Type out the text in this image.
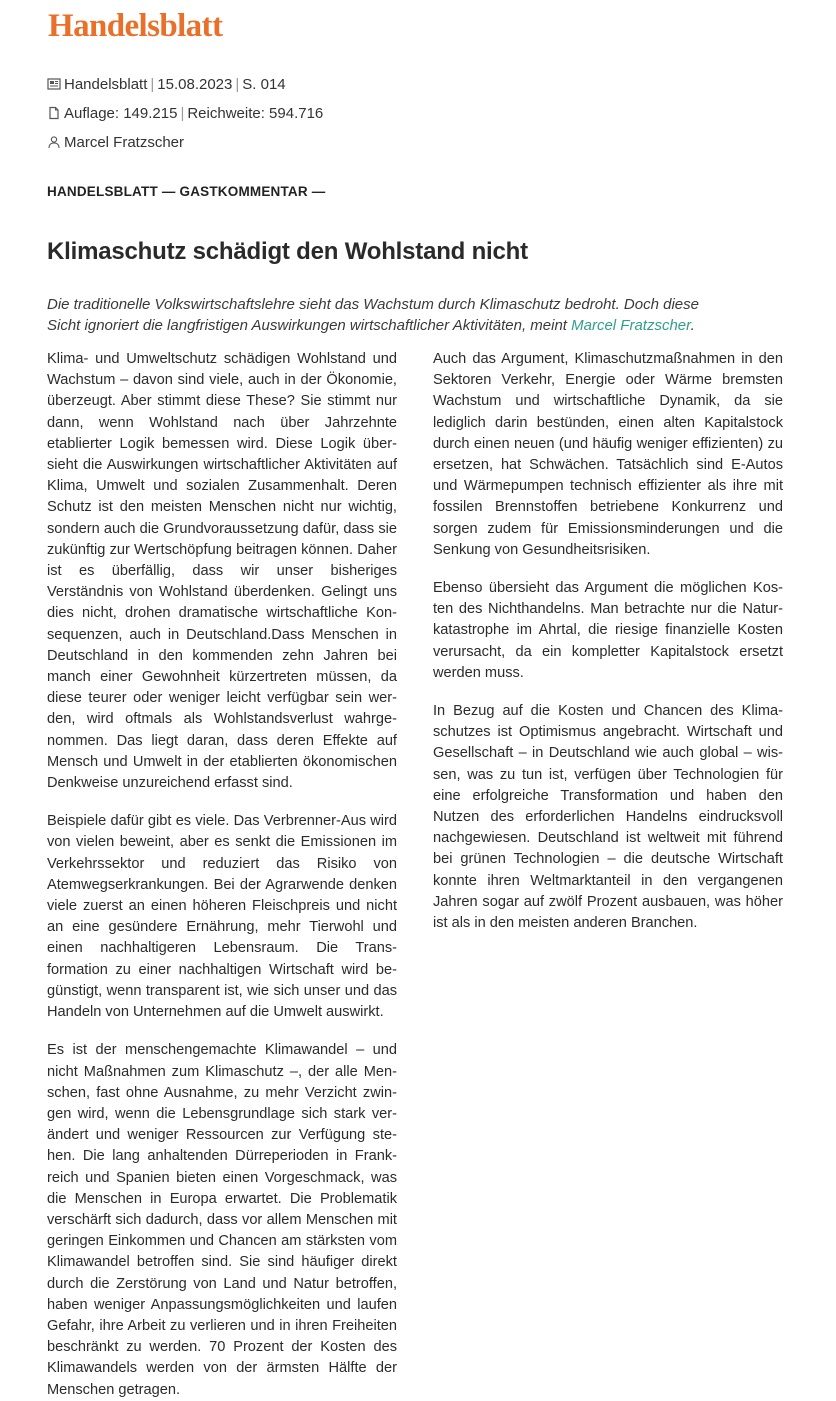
Handelsblatt
Handelsblatt | 15.08.2023 | S. 014
Auflage: 149.215 | Reichweite: 594.716
Marcel Fratzscher
HANDELSBLATT — GASTKOMMENTAR —
Klimaschutz schädigt den Wohlstand nicht

Die traditionelle Volkswirtschaftslehre sieht das Wachstum durch Klimaschutz bedroht. Doch diese

Sicht ignoriert die langfristigen Auswirkungen wirtschaftlicher Aktivitäten, meint Marcel Fratzscher.

Klima- und Umweltschutz schädigen Wohlstand und Wachstum – davon sind viele, auch in der Ökonomie, überzeugt. Aber stimmt diese These? Sie stimmt nur dann, wenn Wohlstand nach über Jahrzehnte etablierter Logik bemessen wird. Diese Logik übersieht die Auswirkungen wirtschaftlicher Aktivitäten auf Klima, Umwelt und sozialen Zusammenhalt. Deren Schutz ist den meisten Menschen nicht nur wichtig, sondern auch die Grundvoraussetzung dafür, dass sie zukünftig zur Wertschöpfung beitragen können. Daher ist es überfällig, dass wir unser bisheriges Verständnis von Wohlstand überdenken. Gelingt uns dies nicht, drohen dramatische wirtschaftliche Konsequenzen, auch in Deutschland.Dass Menschen in Deutschland in den kommenden zehn Jahren bei manch einer Gewohnheit kürzertreten müssen, da diese teurer oder weniger leicht verfügbar sein werden, wird oftmals als Wohlstandsverlust wahrgenommen. Das liegt daran, dass deren Effekte auf Mensch und Umwelt in der etablierten ökonomischen Denkweise unzureichend erfasst sind.

Beispiele dafür gibt es viele. Das Verbrenner-Aus wird von vielen beweint, aber es senkt die Emissionen im Verkehrssektor und reduziert das Risiko von Atemwegserkrankungen. Bei der Agrarwende denken viele zuerst an einen höheren Fleischpreis und nicht an eine gesündere Ernährung, mehr Tierwohl und einen nachhaltigeren Lebensraum. Die Transformation zu einer nachhaltigen Wirtschaft wird begünstigt, wenn transparent ist, wie sich unser und das Handeln von Unternehmen auf die Umwelt auswirkt.

Es ist der menschengemachte Klimawandel – und nicht Maßnahmen zum Klimaschutz –, der alle Menschen, fast ohne Ausnahme, zu mehr Verzicht zwingen wird, wenn die Lebensgrundlage sich stark verändert und weniger Ressourcen zur Verfügung stehen. Die lang anhaltenden Dürreperioden in Frankreich und Spanien bieten einen Vorgeschmack, was die Menschen in Europa erwartet. Die Problematik verschärft sich dadurch, dass vor allem Menschen mit geringen Einkommen und Chancen am stärksten vom Klimawandel betroffen sind. Sie sind häufiger direkt durch die Zerstörung von Land und Natur betroffen, haben weniger Anpassungsmöglichkeiten und laufen Gefahr, ihre Arbeit zu verlieren und in ihren Freiheiten beschränkt zu werden. 70 Prozent der Kosten des Klimawandels werden von der ärmsten Hälfte der Menschen getragen.

Auch das Argument, Klimaschutzmaßnahmen in den Sektoren Verkehr, Energie oder Wärme bremsten Wachstum und wirtschaftliche Dynamik, da sie lediglich darin bestünden, einen alten Kapitalstock durch einen neuen (und häufig weniger effizienten) zu ersetzen, hat Schwächen. Tatsächlich sind E-Autos und Wärmepumpen technisch effizienter als ihre mit fossilen Brennstoffen betriebene Konkurrenz und sorgen zudem für Emissionsminderungen und die Senkung von Gesundheitsrisiken.

Ebenso übersieht das Argument die möglichen Kosten des Nichthandelns. Man betrachte nur die Naturkatastrophe im Ahrtal, die riesige finanzielle Kosten verursacht, da ein kompletter Kapitalstock ersetzt werden muss.

In Bezug auf die Kosten und Chancen des Klimaschutzes ist Optimismus angebracht. Wirtschaft und Gesellschaft – in Deutschland wie auch global – wissen, was zu tun ist, verfügen über Technologien für eine erfolgreiche Transformation und haben den Nutzen des erforderlichen Handelns eindrucksvoll nachgewiesen. Deutschland ist weltweit mit führend bei grünen Technologien – die deutsche Wirtschaft konnte ihren Weltmarktanteil in den vergangenen Jahren sogar auf zwölf Prozent ausbauen, was höher ist als in den meisten anderen Branchen.
